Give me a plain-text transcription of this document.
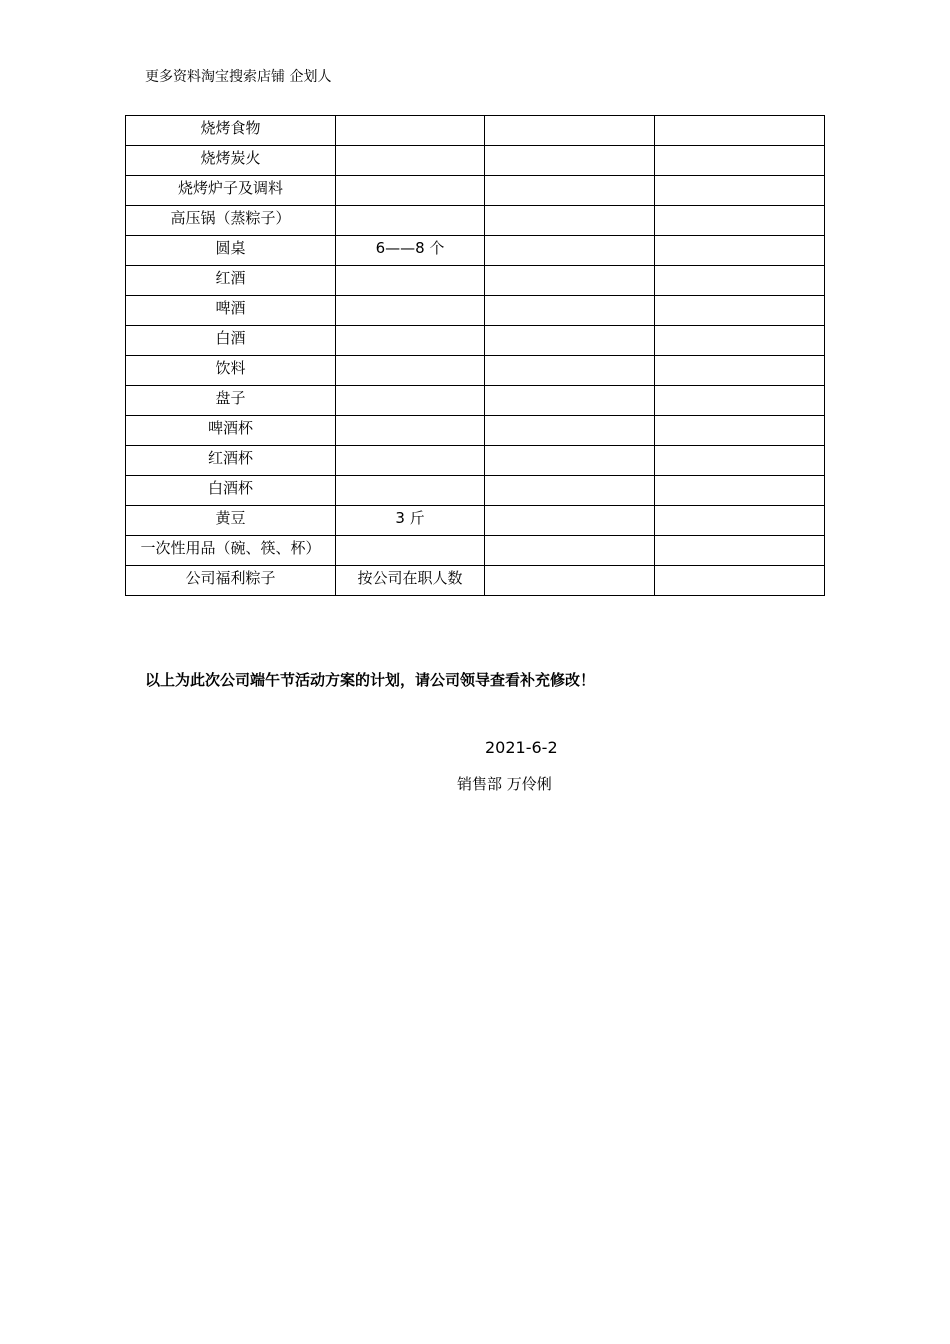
更多资料淘宝搜索店铺 企划人
烧烤食物			
烧烤炭火			
烧烤炉子及调料			
高压锅（蒸粽子）			
圆桌	6——8 个		
红酒			
啤酒			
白酒			
饮料			
盘子			
啤酒杯			
红酒杯			
白酒杯			
黄豆	3 斤		
一次性用品（碗、筷、杯）			
公司福利粽子	按公司在职人数		
以上为此次公司端午节活动方案的计划，请公司领导查看补充修改！
2021-6-2
销售部 万伶俐
